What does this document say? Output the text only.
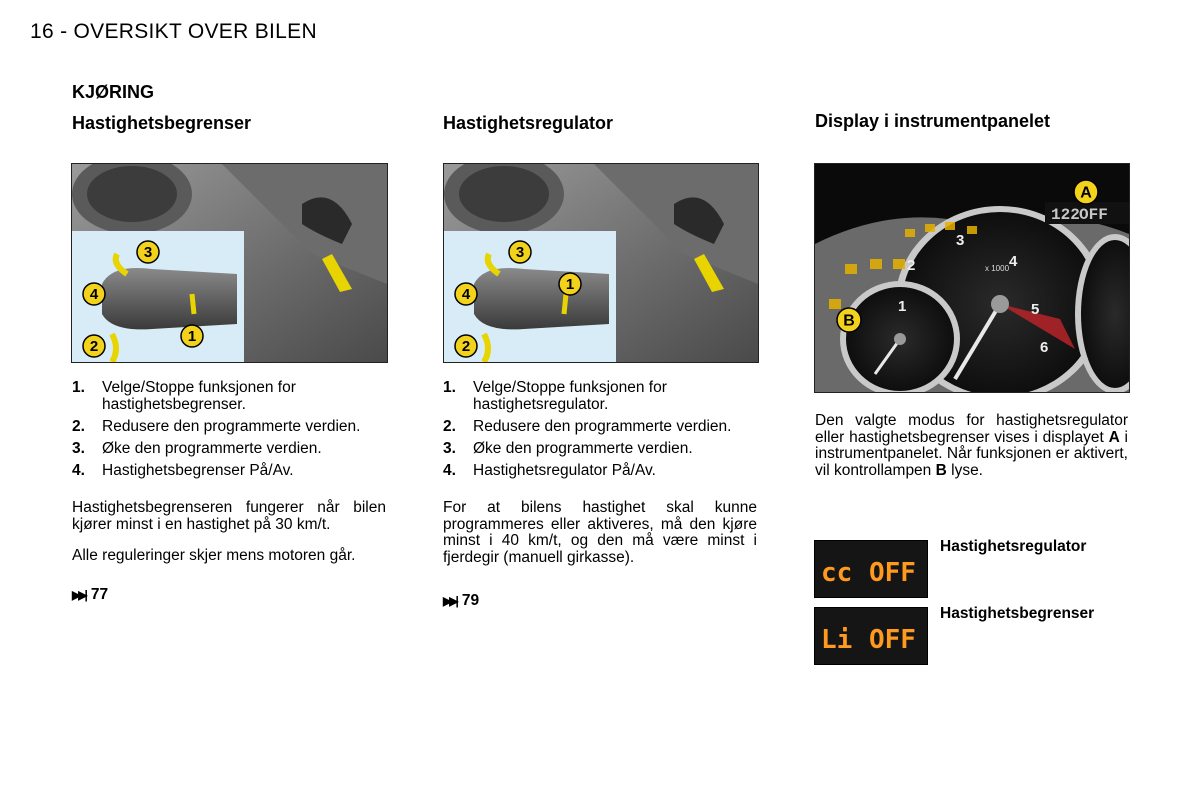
16 - OVERSIKT OVER BILEN
KJØRING
Hastighetsbegrenser
3
4
1
2
1.	Velge/Stoppe funksjonen for hastighetsbegrenser.
2.	Redusere den programmerte verdien.
3.	Øke den programmerte verdien.
4.	Hastighetsbegrenser På/Av.
Hastighetsbegrenseren fungerer når bilen kjører minst i en hastighet på 30 km/t.
Alle reguleringer skjer mens motoren går.
▶▶| 77
Hastighetsregulator
3
4
1
2
1.	Velge/Stoppe funksjonen for hastighetsregulator.
2.	Redusere den programmerte verdien.
3.	Øke den programmerte verdien.
4.	Hastighetsregulator På/Av.
For at bilens hastighet skal kunne programmeres eller aktiveres, må den kjøre minst i 40 km/t, og den må være minst i fjerdegir (manuell girkasse).
▶▶| 79
Display i instrumentpanelet
122 OFF
3
4
5
6
2
1
x 1000
A
B
Den valgte modus for hastighetsregulator eller hastighetsbegrenser vises i displayet A i instrumentpanelet. Når funksjonen er aktivert, vil kontrollampen B lyse.
cc OFF
Hastighetsregulator
Li OFF
Hastighetsbegrenser
